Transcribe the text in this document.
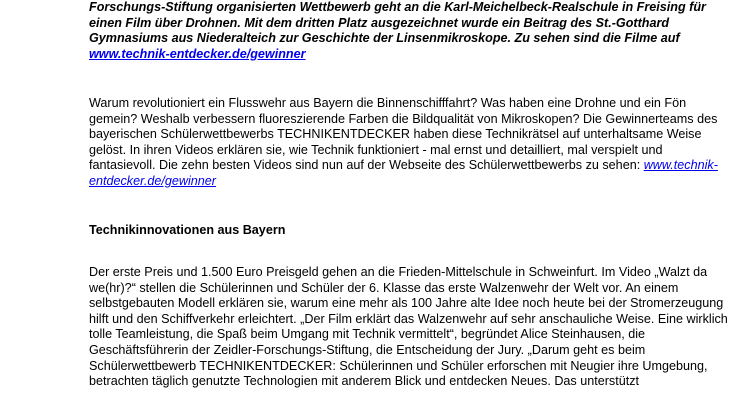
Forschungs-Stiftung organisierten Wettbewerb geht an die Karl-Meichelbeck-Realschule in Freising für einen Film über Drohnen. Mit dem dritten Platz ausgezeichnet wurde ein Beitrag des St.-Gotthard Gymnasiums aus Niederalteich zur Geschichte der Linsenmikroskope. Zu sehen sind die Filme auf www.technik-entdecker.de/gewinner

Warum revolutioniert ein Flusswehr aus Bayern die Binnenschifffahrt? Was haben eine Drohne und ein Fön gemein? Weshalb verbessern fluoreszierende Farben die Bildqualität von Mikroskopen? Die Gewinnerteams des bayerischen Schülerwettbewerbs TECHNIKENTDECKER haben diese Technikrätsel auf unterhaltsame Weise gelöst. In ihren Videos erklären sie, wie Technik funktioniert - mal ernst und detailliert, mal verspielt und fantasievoll. Die zehn besten Videos sind nun auf der Webseite des Schülerwettbewerbs zu sehen: www.technik-entdecker.de/gewinner

Technikinnovationen aus Bayern

Der erste Preis und 1.500 Euro Preisgeld gehen an die Frieden-Mittelschule in Schweinfurt. Im Video „Walzt da we(hr)?“ stellen die Schülerinnen und Schüler der 6. Klasse das erste Walzenwehr der Welt vor. An einem selbstgebauten Modell erklären sie, warum eine mehr als 100 Jahre alte Idee noch heute bei der Stromerzeugung hilft und den Schiffverkehr erleichtert. „Der Film erklärt das Walzenwehr auf sehr anschauliche Weise. Eine wirklich tolle Teamleistung, die Spaß beim Umgang mit Technik vermittelt“, begründet Alice Steinhausen, die Geschäftsführerin der Zeidler-Forschungs-Stiftung, die Entscheidung der Jury. „Darum geht es beim Schülerwettbewerb TECHNIKENTDECKER: Schülerinnen und Schüler erforschen mit Neugier ihre Umgebung, betrachten täglich genutzte Technologien mit anderem Blick und entdecken Neues. Das unterstützt
